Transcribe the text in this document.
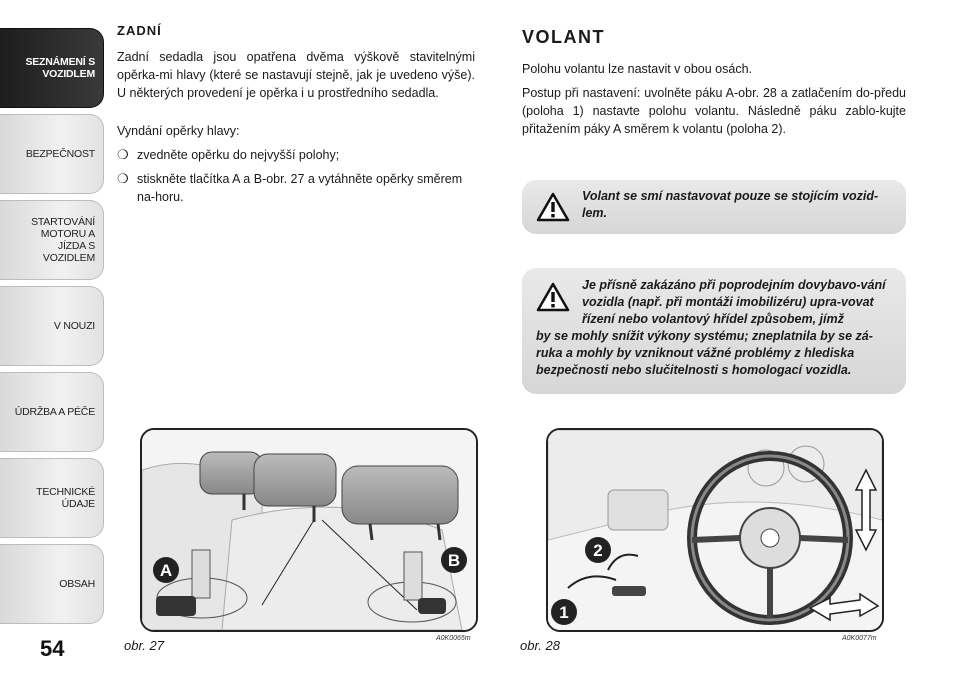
SEZNÁMENÍ S VOZIDLEM
BEZPEČNOST
STARTOVÁNÍ MOTORU A JÍZDA S VOZIDLEM
V NOUZI
ÚDRŽBA A PÉČE
TECHNICKÉ ÚDAJE
OBSAH
54
ZADNÍ

Zadní sedadla jsou opatřena dvěma výškově stavitelnými opěrka-mi hlavy (které se nastavují stejně, jak je uvedeno výše). U některých provedení je opěrka i u prostředního sedadla.

Vyndání opěrky hlavy:

❍ zvedněte opěrku do nejvyšší polohy;
❍ stiskněte tlačítka A a B-obr. 27 a vytáhněte opěrky směrem na-horu.
VOLANT

Polohu volantu lze nastavit v obou osách.

Postup při nastavení: uvolněte páku A-obr. 28 a zatlačením do-předu (poloha 1) nastavte polohu volantu. Následně páku zablo-kujte přitažením páky A směrem k volantu (poloha 2).

Volant se smí nastavovat pouze se stojícím vozid-lem.
Je přísně zakázáno při poprodejním dovybavo-vání vozidla (např. při montáži imobilizéru) upra-vovat řízení nebo volantový hřídel způsobem, jímž
by se mohly snížit výkony systému; zneplatnila by se zá-ruka a mohly by vzniknout vážné problémy z hlediska bezpečnosti nebo slučitelnosti s homologací vozidla.
A
B
obr. 27	A0K0065m
1
2
obr. 28	A0K0077m
